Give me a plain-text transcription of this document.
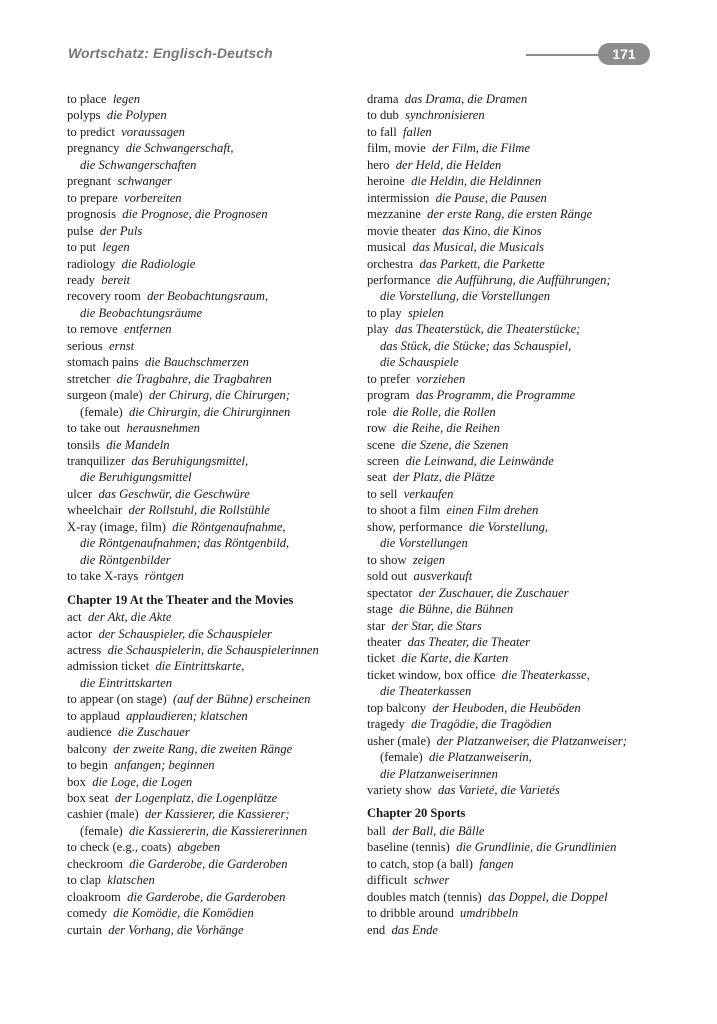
Wortschatz: Englisch-Deutsch	171
to place legen
polyps die Polypen
to predict voraussagen
pregnancy die Schwangerschaft,
die Schwangerschaften
pregnant schwanger
to prepare vorbereiten
prognosis die Prognose, die Prognosen
pulse der Puls
to put legen
radiology die Radiologie
ready bereit
recovery room der Beobachtungsraum,
die Beobachtungsräume
to remove entfernen
serious ernst
stomach pains die Bauchschmerzen
stretcher die Tragbahre, die Tragbahren
surgeon (male) der Chirurg, die Chirurgen;
(female) die Chirurgin, die Chirurginnen
to take out herausnehmen
tonsils die Mandeln
tranquilizer das Beruhigungsmittel,
die Beruhigungsmittel
ulcer das Geschwür, die Geschwüre
wheelchair der Rollstuhl, die Rollstühle
X-ray (image, film) die Röntgenaufnahme,
die Röntgenaufnahmen; das Röntgenbild,
die Röntgenbilder
to take X-rays röntgen
Chapter 19 At the Theater and the Movies
act der Akt, die Akte
actor der Schauspieler, die Schauspieler
actress die Schauspielerin, die Schauspielerinnen
admission ticket die Eintrittskarte,
die Eintrittskarten
to appear (on stage) (auf der Bühne) erscheinen
to applaud applaudieren; klatschen
audience die Zuschauer
balcony der zweite Rang, die zweiten Ränge
to begin anfangen; beginnen
box die Loge, die Logen
box seat der Logenplatz, die Logenplätze
cashier (male) der Kassierer, die Kassierer;
(female) die Kassiererin, die Kassiererinnen
to check (e.g., coats) abgeben
checkroom die Garderobe, die Garderoben
to clap klatschen
cloakroom die Garderobe, die Garderoben
comedy die Komödie, die Komödien
curtain der Vorhang, die Vorhänge
drama das Drama, die Dramen
to dub synchronisieren
to fall fallen
film, movie der Film, die Filme
hero der Held, die Helden
heroine die Heldin, die Heldinnen
intermission die Pause, die Pausen
mezzanine der erste Rang, die ersten Ränge
movie theater das Kino, die Kinos
musical das Musical, die Musicals
orchestra das Parkett, die Parkette
performance die Aufführung, die Aufführungen;
die Vorstellung, die Vorstellungen
to play spielen
play das Theaterstück, die Theaterstücke;
das Stück, die Stücke; das Schauspiel,
die Schauspiele
to prefer vorziehen
program das Programm, die Programme
role die Rolle, die Rollen
row die Reihe, die Reihen
scene die Szene, die Szenen
screen die Leinwand, die Leinwände
seat der Platz, die Plätze
to sell verkaufen
to shoot a film einen Film drehen
show, performance die Vorstellung,
die Vorstellungen
to show zeigen
sold out ausverkauft
spectator der Zuschauer, die Zuschauer
stage die Bühne, die Bühnen
star der Star, die Stars
theater das Theater, die Theater
ticket die Karte, die Karten
ticket window, box office die Theaterkasse,
die Theaterkassen
top balcony der Heuboden, die Heuböden
tragedy die Tragödie, die Tragödien
usher (male) der Platzanweiser, die Platzanweiser;
(female) die Platzanweiserin,
die Platzanweiserinnen
variety show das Varieté, die Varietés
Chapter 20 Sports
ball der Ball, die Bälle
baseline (tennis) die Grundlinie, die Grundlinien
to catch, stop (a ball) fangen
difficult schwer
doubles match (tennis) das Doppel, die Doppel
to dribble around umdribbeln
end das Ende
